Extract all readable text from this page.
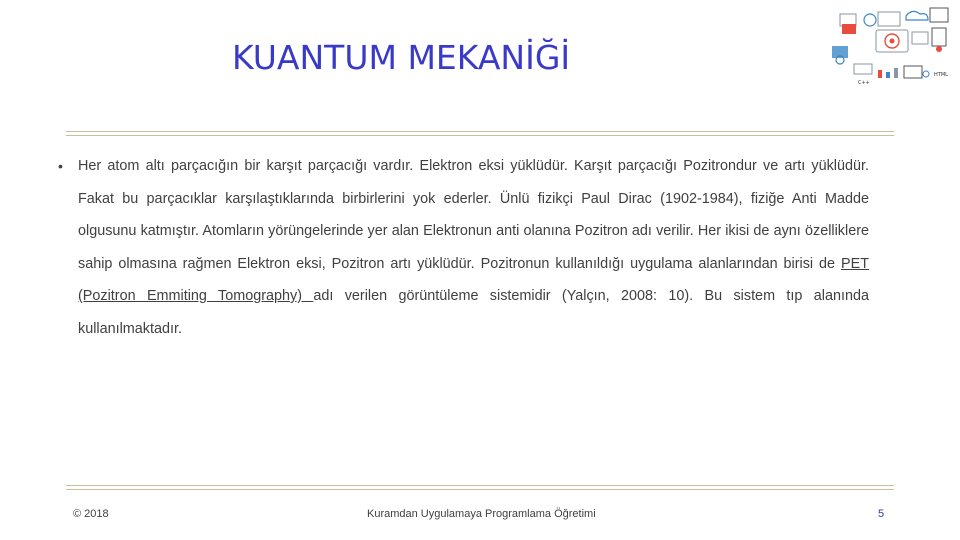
KUANTUM MEKANİĞİ	HTML
C++
• Her atom altı parçacığın bir karşıt parçacığı vardır. Elektron eksi yüklüdür. Karşıt parçacığı Pozitrondur ve artı yüklüdür. Fakat bu parçacıklar karşılaştıklarında birbirlerini yok ederler. Ünlü fizikçi Paul Dirac (1902-1984), fiziğe Anti Madde olgusunu katmıştır. Atomların yörüngelerinde yer alan Elektronun anti olanına Pozitron adı verilir. Her ikisi de aynı özelliklere sahip olmasına rağmen Elektron eksi, Pozitron artı yüklüdür. Pozitronun kullanıldığı uygulama alanlarından birisi de PET (Pozitron Emmiting Tomography) adı verilen görüntüleme sistemidir (Yalçın, 2008: 10). Bu sistem tıp alanında kullanılmaktadır.
© 2018	Kuramdan Uygulamaya Programlama Öğretimi	5
